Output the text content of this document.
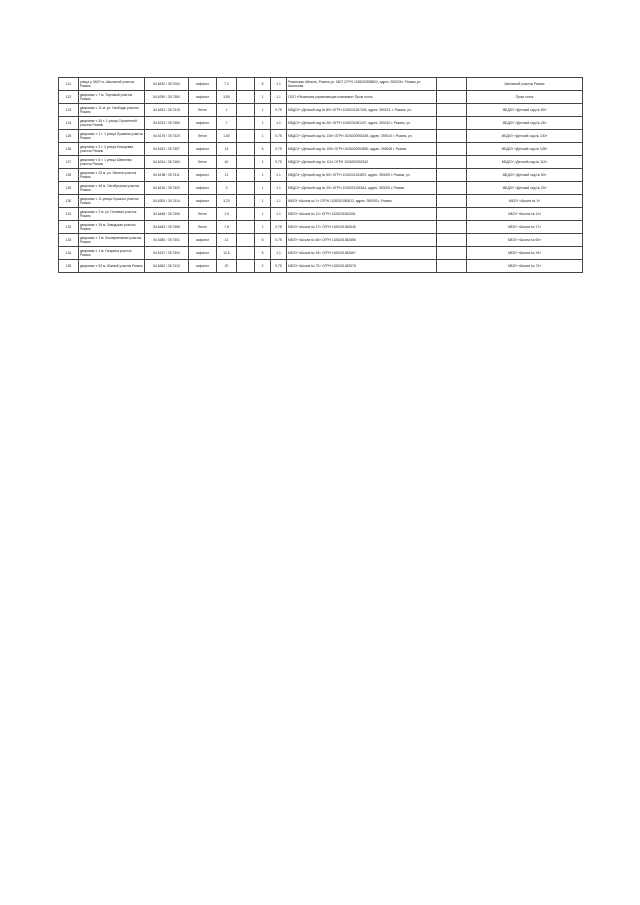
121	улица у. 5К07 м. Школьный участок Рязань	54.6532 / 39.7064	асфальт	7.2		5	1.1	Рязанская область, Рязань ул. 3К07 ОГРН 1036200598802, адрес: 390026 г. Рязань ул. Школьная		Школьный участок Рязань
122	дворовая т. 7 м. Торговый участок Рязань	54.6290 / 39.7380	асфальт	3.80		1	1.1	ООО «Рязанская управляющая компания» Пром лоток		Пром лоток
123	дворовая т. 11 м. ул. Свободы участок Рязань	54.6281 / 39.7415	бетон	1		1	0.75	МБДОУ «Детский сад № 80» ОГРН 1026201267434, адрес: 390013, г. Рязань, ул.		МБДОУ «Детский сад № 80»
124	дворовая т. 45 т. 1 улица Строителей участок Рязань	54.6223 / 39.7384	асфальт	7		1	1.1	МБДОУ «Детский сад № 26» ОГРН 1026201081247, адрес: 390010 г. Рязань, ул.		МБДОУ «Детский сад № 26»
125	дворовая т. 1 т. 1 улица Пушкина участок Рязань	54.6175 / 39.7320	бетон	1.80		1	0.75	МБДОУ «Детский сад № 130» ОГРН 1026200953185, адрес: 390010 г. Рязань, ул.		МБДОУ «Детский сад № 130»
126	дворовая т. 2 т. 3 улица Кольцевая участок Рязань	54.6181 / 39.7397	асфальт	14		6	0.75	МБДОУ «Детский сад № 105» ОГРН 1026200954550, адрес: 390048 г. Рязань		МБДОУ «Детский сад № 105»
127	дворовая т. 6 т. 1 улица Шевченко участок Рязань	54.6244 / 39.7460	бетон	40		4	0.75	МБДОУ «Детский сад № 112» ОГРН 1026200952340		МБДОУ «Детский сад № 112»
128	дворовая т. 25 м. ул. Ленина участок Рязань	54.6198 / 39.7311	асфальт	12		1	1.1	МБДОУ «Детский сад № 50» ОГРН 1026201104870, адрес: 390005 г. Рязань, ул.		МБДОУ «Детский сад № 50»
129	дворовая т. 48 м. Октябрьская участок Рязань	54.6216 / 39.7320	асфальт	3		1	1.1	МБДОУ «Детский сад № 20» ОГРН 1026201106344, адрес: 390025 г. Рязань		МБДОУ «Детский сад № 20»
130	дворовая т. 11 улица Горького участок Рязань	54.6303 / 39.7414	асфальт	3.20		1	1.1	МБОУ «Школа № 1» ОГРН 1026201082612, адрес: 390000 г. Рязань		МБОУ «Школа № 1»
131	дворовая т. 2 м. ул. Полевая участок Рязань	54.6468 / 39.7406	бетон	1.5		1	1.1	МБОУ «Школа № 11» ОГРН 1026201082634		МБОУ «Школа № 11»
132	дворовая т. 19 м. Заводская участок Рязань	54.6463 / 39.7385	бетон	7.8		1	0.75	МБОУ «Школа № 17» ОГРН 1026201082645		МБОУ «Школа № 17»
133	дворовая т. 1 м. Кооперативная участок Рязань	54.6380 / 39.7301	асфальт	12		6	0.75	МБОУ «Школа № 60» ОГРН 1026201082656		МБОУ «Школа № 60»
134	дворовая т. 1 м. Гагарина участок Рязань	54.6157 / 39.7304	асфальт	12.6		5	1.1	МБОУ «Школа № 19» ОГРН 1026201082667		МБОУ «Школа № 19»
135	дворовая т. 63 м. Южный участок Рязань	54.6362 / 39.7410	асфальт	20		2	0.75	МБОУ «Школа № 72» ОГРН 1026201082678		МБОУ «Школа № 72»
